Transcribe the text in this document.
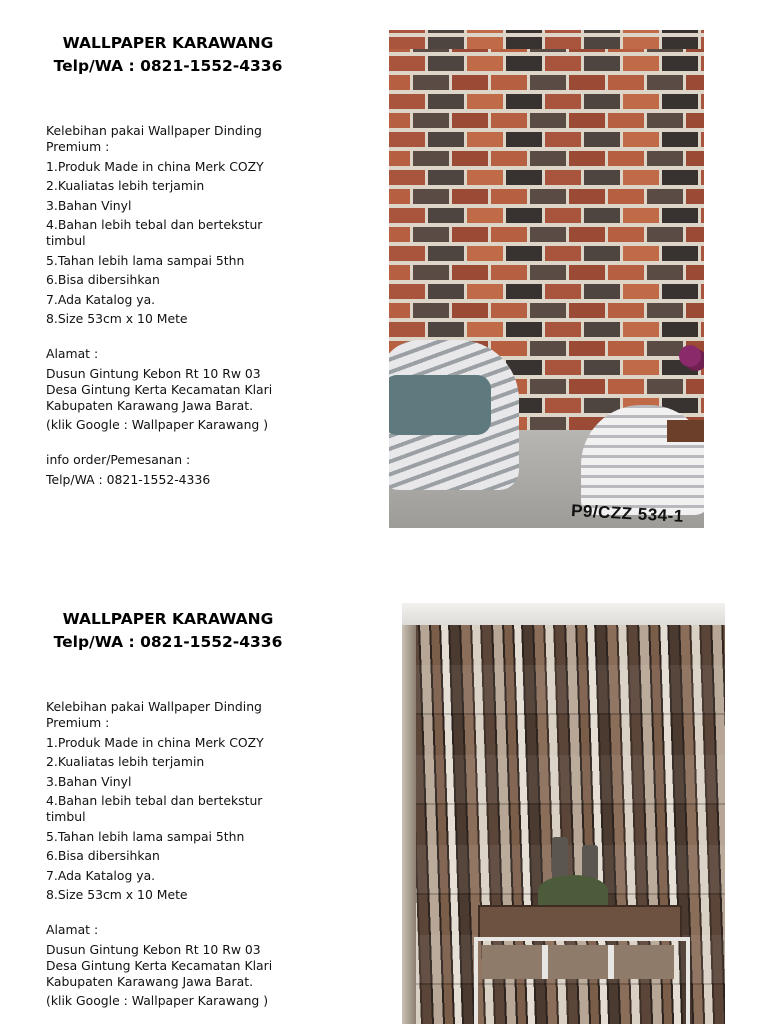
WALLPAPER KARAWANG
Telp/WA : 0821-1552-4336

Kelebihan pakai Wallpaper Dinding

Premium :

1.Produk Made in china Merk COZY

2.Kualiatas lebih terjamin

3.Bahan Vinyl

4.Bahan lebih tebal dan bertekstur

timbul

5.Tahan lebih lama sampai 5thn

6.Bisa dibersihkan

7.Ada Katalog ya.

8.Size 53cm x 10 Mete

Alamat :

Dusun Gintung Kebon Rt 10 Rw 03

Desa Gintung Kerta Kecamatan Klari

Kabupaten Karawang Jawa Barat.

(klik Google : Wallpaper Karawang )

info order/Pemesanan :

Telp/WA : 0821-1552-4336

P9/CZZ 534-1
WALLPAPER KARAWANG
Telp/WA : 0821-1552-4336

Kelebihan pakai Wallpaper Dinding

Premium :

1.Produk Made in china Merk COZY

2.Kualiatas lebih terjamin

3.Bahan Vinyl

4.Bahan lebih tebal dan bertekstur

timbul

5.Tahan lebih lama sampai 5thn

6.Bisa dibersihkan

7.Ada Katalog ya.

8.Size 53cm x 10 Mete

Alamat :

Dusun Gintung Kebon Rt 10 Rw 03

Desa Gintung Kerta Kecamatan Klari

Kabupaten Karawang Jawa Barat.

(klik Google : Wallpaper Karawang )
